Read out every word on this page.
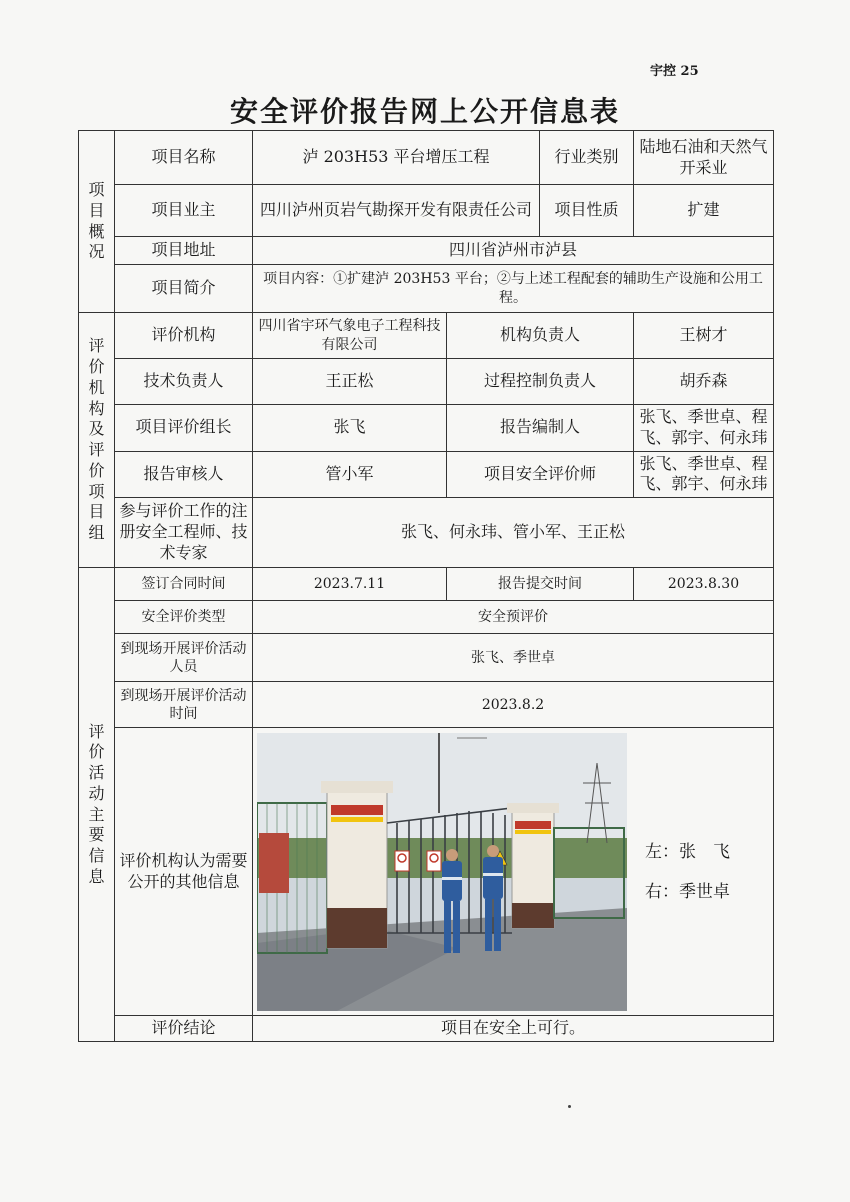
宇控 25
安全评价报告网上公开信息表
项目概况	项目名称	泸 203H53 平台增压工程		行业类别	陆地石油和天然气开采业
	项目业主	四川泸州页岩气勘探开发有限责任公司		项目性质	扩建
	项目地址	四川省泸州市泸县			
	项目简介	项目内容：①扩建泸 203H53 平台；②与上述工程配套的辅助生产设施和公用工程。			

评价机构及评价项目组	评价机构	四川省宇环气象电子工程科技有限公司	机构负责人		王树才
	技术负责人	王正松	过程控制负责人		胡乔森
	项目评价组长	张飞	报告编制人		张飞、季世卓、程飞、郭宇、何永玮
	报告审核人	管小军	项目安全评价师		张飞、季世卓、程飞、郭宇、何永玮
	参与评价工作的注册安全工程师、技术专家	张飞、何永玮、管小军、王正松			

评价活动主要信息	签订合同时间	2023.7.11	报告提交时间		2023.8.30
	安全评价类型	安全预评价			
	到现场开展评价活动人员	张飞、季世卓			
	到现场开展评价活动时间	2023.8.2			
	评价机构认为需要公开的其他信息	左：张　飞
右：季世卓			

	评价结论	项目在安全上可行。			
